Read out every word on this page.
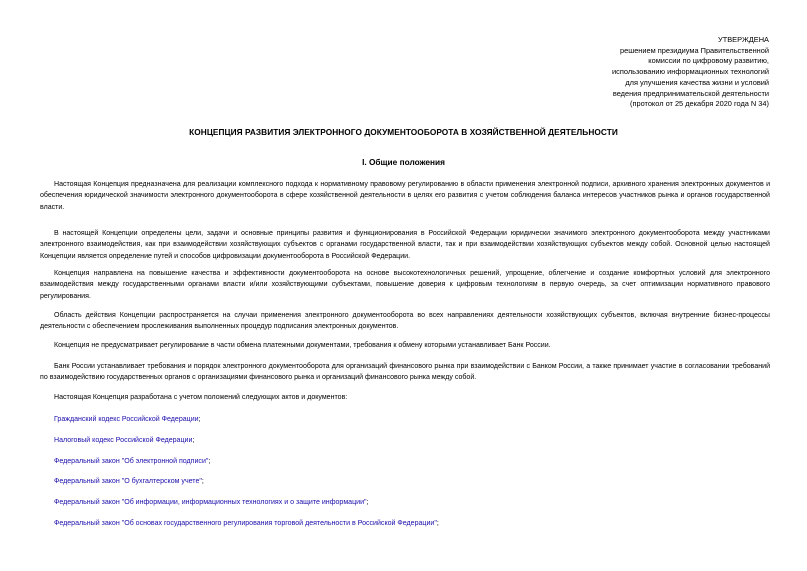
УТВЕРЖДЕНА
решением президиума Правительственной
комиссии по цифровому развитию,
использованию информационных технологий
для улучшения качества жизни и условий
ведения предпринимательской деятельности
(протокол от 25 декабря 2020 года N 34)
КОНЦЕПЦИЯ РАЗВИТИЯ ЭЛЕКТРОННОГО ДОКУМЕНТООБОРОТА В ХОЗЯЙСТВЕННОЙ ДЕЯТЕЛЬНОСТИ
I. Общие положения

Настоящая Концепция предназначена для реализации комплексного подхода к нормативному правовому регулированию в области применения электронной подписи, архивного хранения электронных документов и обеспечения юридической значимости электронного документооборота в сфере хозяйственной деятельности в целях его развития с учетом соблюдения баланса интересов участников рынка и органов государственной власти.

В настоящей Концепции определены цели, задачи и основные принципы развития и функционирования в Российской Федерации юридически значимого электронного документооборота между участниками электронного взаимодействия, как при взаимодействии хозяйствующих субъектов с органами государственной власти, так и при взаимодействии хозяйствующих субъектов между собой. Основной целью настоящей Концепции является определение путей и способов цифровизации документооборота в Российской Федерации.

Концепция направлена на повышение качества и эффективности документооборота на основе высокотехнологичных решений, упрощение, облегчение и создание комфортных условий для электронного взаимодействия между государственными органами власти и/или хозяйствующими субъектами, повышение доверия к цифровым технологиям в первую очередь, за счет оптимизации нормативного правового регулирования.

Область действия Концепции распространяется на случаи применения электронного документооборота во всех направлениях деятельности хозяйствующих субъектов, включая внутренние бизнес-процессы деятельности с обеспечением прослеживания выполненных процедур подписания электронных документов.

Концепция не предусматривает регулирование в части обмена платежными документами, требования к обмену которыми устанавливает Банк России.

Банк России устанавливает требования и порядок электронного документооборота для организаций финансового рынка при взаимодействии с Банком России, а также принимает участие в согласовании требований по взаимодействию государственных органов с организациями финансового рынка и организаций финансового рынка между собой.

Настоящая Концепция разработана с учетом положений следующих актов и документов:

Гражданский кодекс Российской Федерации;
Налоговый кодекс Российской Федерации;
Федеральный закон "Об электронной подписи";
Федеральный закон "О бухгалтерском учете";
Федеральный закон "Об информации, информационных технологиях и о защите информации";
Федеральный закон "Об основах государственного регулирования торговой деятельности в Российской Федерации";
